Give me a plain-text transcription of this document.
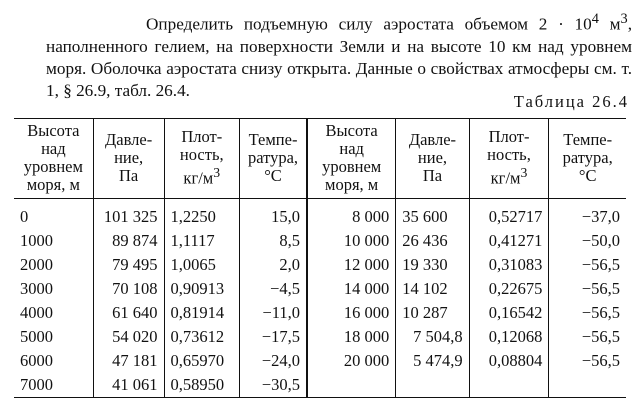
Определить подъемную силу аэростата объемом $2 \cdot 10^4$ $м^3$, наполненного гелием, на поверхности Земли и на высоте 10 км над уровнем моря. Оболочка аэростата снизу открыта. Данные о свойствах атмосферы см. т. 1, § 26.9, табл. 26.4.

Таблица 26.4
Высота
над
уровнем
моря, м	Давле-
ние,
Па	Плот-
ность,
$кг/м^3$	Темпе-
ратура,
°C	Высота
над
уровнем
моря, м	Давле-
ние,
Па	Плот-
ность,
$кг/м^3$	Темпе-
ратура,
°C
0	101 325	1,2250	15,0	8 000	35 600	0,52717	−37,0
1000	89 874	1,1117	8,5	10 000	26 436	0,41271	−50,0
2000	79 495	1,0065	2,0	12 000	19 330	0,31083	−56,5
3000	70 108	0,90913	−4,5	14 000	14 102	0,22675	−56,5
4000	61 640	0,81914	−11,0	16 000	10 287	0,16542	−56,5
5000	54 020	0,73612	−17,5	18 000	7 504,8	0,12068	−56,5
6000	47 181	0,65970	−24,0	20 000	5 474,9	0,08804	−56,5
7000	41 061	0,58950	−30,5				
